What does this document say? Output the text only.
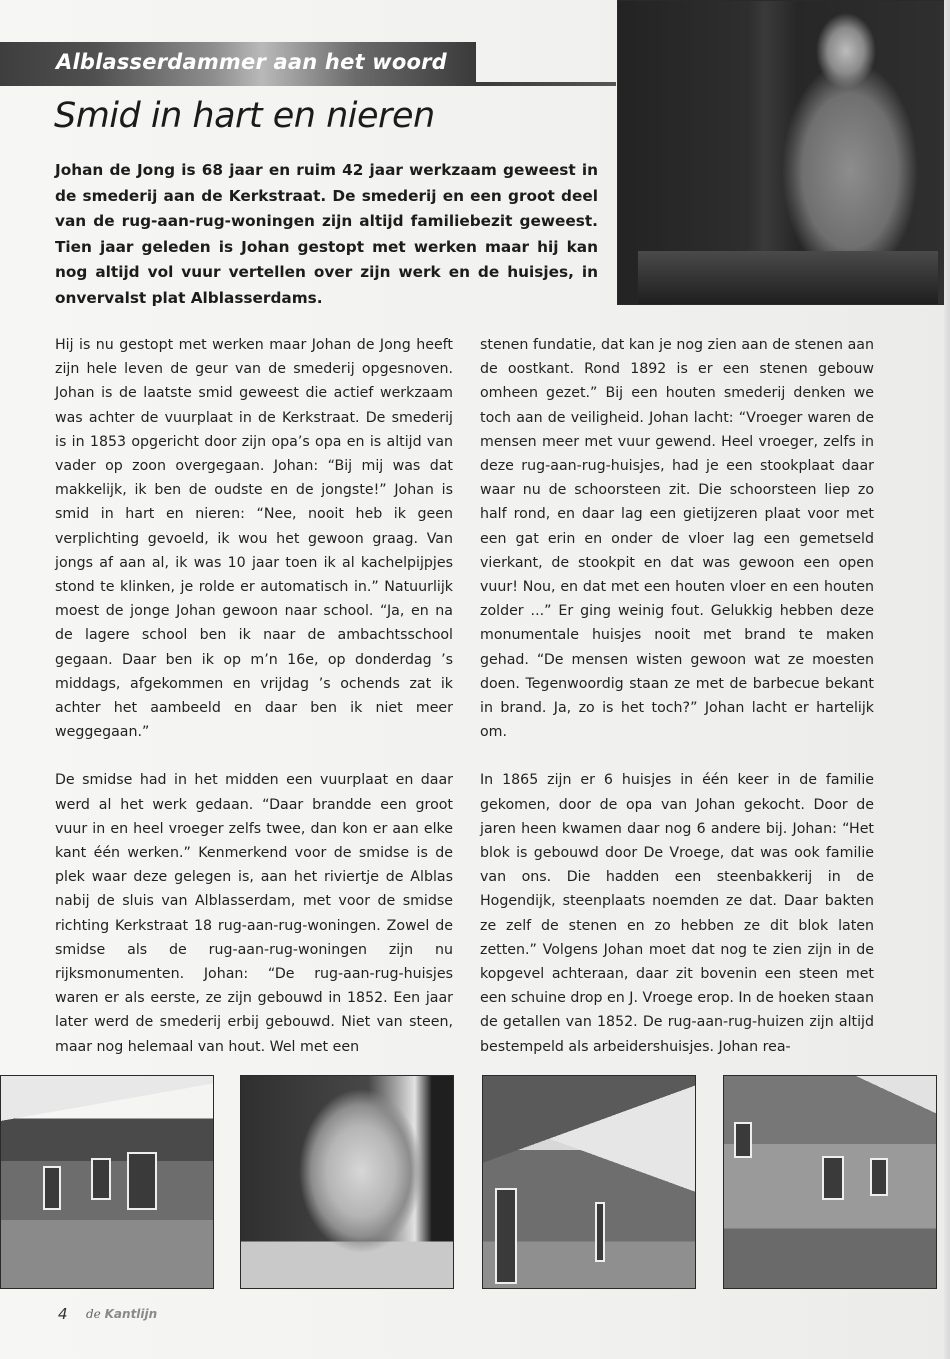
Alblasserdammer aan het woord
Smid in hart en nieren

Johan de Jong is 68 jaar en ruim 42 jaar werkzaam geweest in de smederij aan de Kerkstraat. De smederij en een groot deel van de rug-aan-rug-woningen zijn altijd familiebezit geweest. Tien jaar geleden is Johan gestopt met werken maar hij kan nog altijd vol vuur vertellen over zijn werk en de huisjes, in onvervalst plat Alblasserdams.

Hij is nu gestopt met werken maar Johan de Jong heeft zijn hele leven de geur van de smederij opgesnoven. Johan is de laatste smid geweest die actief werkzaam was achter de vuurplaat in de Kerkstraat. De smederij is in 1853 opgericht door zijn opa’s opa en is altijd van vader op zoon overgegaan. Johan: “Bij mij was dat makkelijk, ik ben de oudste en de jongste!” Johan is smid in hart en nieren: “Nee, nooit heb ik geen verplichting gevoeld, ik wou het gewoon graag. Van jongs af aan al, ik was 10 jaar toen ik al kachelpijpjes stond te klinken, je rolde er automatisch in.” Natuurlijk moest de jonge Johan gewoon naar school. “Ja, en na de lagere school ben ik naar de ambachtsschool gegaan. Daar ben ik op m’n 16e, op donderdag ’s middags, afgekommen en vrijdag ’s ochends zat ik achter het aambeeld en daar ben ik niet meer weggegaan.”

De smidse had in het midden een vuurplaat en daar werd al het werk gedaan. “Daar brandde een groot vuur in en heel vroeger zelfs twee, dan kon er aan elke kant één werken.” Kenmerkend voor de smidse is de plek waar deze gelegen is, aan het riviertje de Alblas nabij de sluis van Alblasserdam, met voor de smidse richting Kerkstraat 18 rug-aan-rug-woningen. Zowel de smidse als de rug-aan-rug-woningen zijn nu rijksmonumenten. Johan: “De rug-aan-rug-huisjes waren er als eerste, ze zijn gebouwd in 1852. Een jaar later werd de smederij erbij gebouwd. Niet van steen, maar nog helemaal van hout. Wel met een

stenen fundatie, dat kan je nog zien aan de stenen aan de oostkant. Rond 1892 is er een stenen gebouw omheen gezet.” Bij een houten smederij denken we toch aan de veiligheid. Johan lacht: “Vroeger waren de mensen meer met vuur gewend. Heel vroeger, zelfs in deze rug-aan-rug-huisjes, had je een stookplaat daar waar nu de schoorsteen zit. Die schoorsteen liep zo half rond, en daar lag een gietijzeren plaat voor met een gat erin en onder de vloer lag een gemetseld vierkant, de stookpit en dat was gewoon een open vuur! Nou, en dat met een houten vloer en een houten zolder ...” Er ging weinig fout. Gelukkig hebben deze monumentale huisjes nooit met brand te maken gehad. “De mensen wisten gewoon wat ze moesten doen. Tegenwoordig staan ze met de barbecue bekant in brand. Ja, zo is het toch?” Johan lacht er hartelijk om.

In 1865 zijn er 6 huisjes in één keer in de familie gekomen, door de opa van Johan gekocht. Door de jaren heen kwamen daar nog 6 andere bij. Johan: “Het blok is gebouwd door De Vroege, dat was ook familie van ons. Die hadden een steenbakkerij in de Hogendijk, steenplaats noemden ze dat. Daar bakten ze zelf de stenen en zo hebben ze dit blok laten zetten.” Volgens Johan moet dat nog te zien zijn in de kopgevel achteraan, daar zit bovenin een steen met een schuine drop en J. Vroege erop. In de hoeken staan de getallen van 1852. De rug-aan-rug-huizen zijn altijd bestempeld als arbeidershuisjes. Johan rea-

4 de Kantlijn
